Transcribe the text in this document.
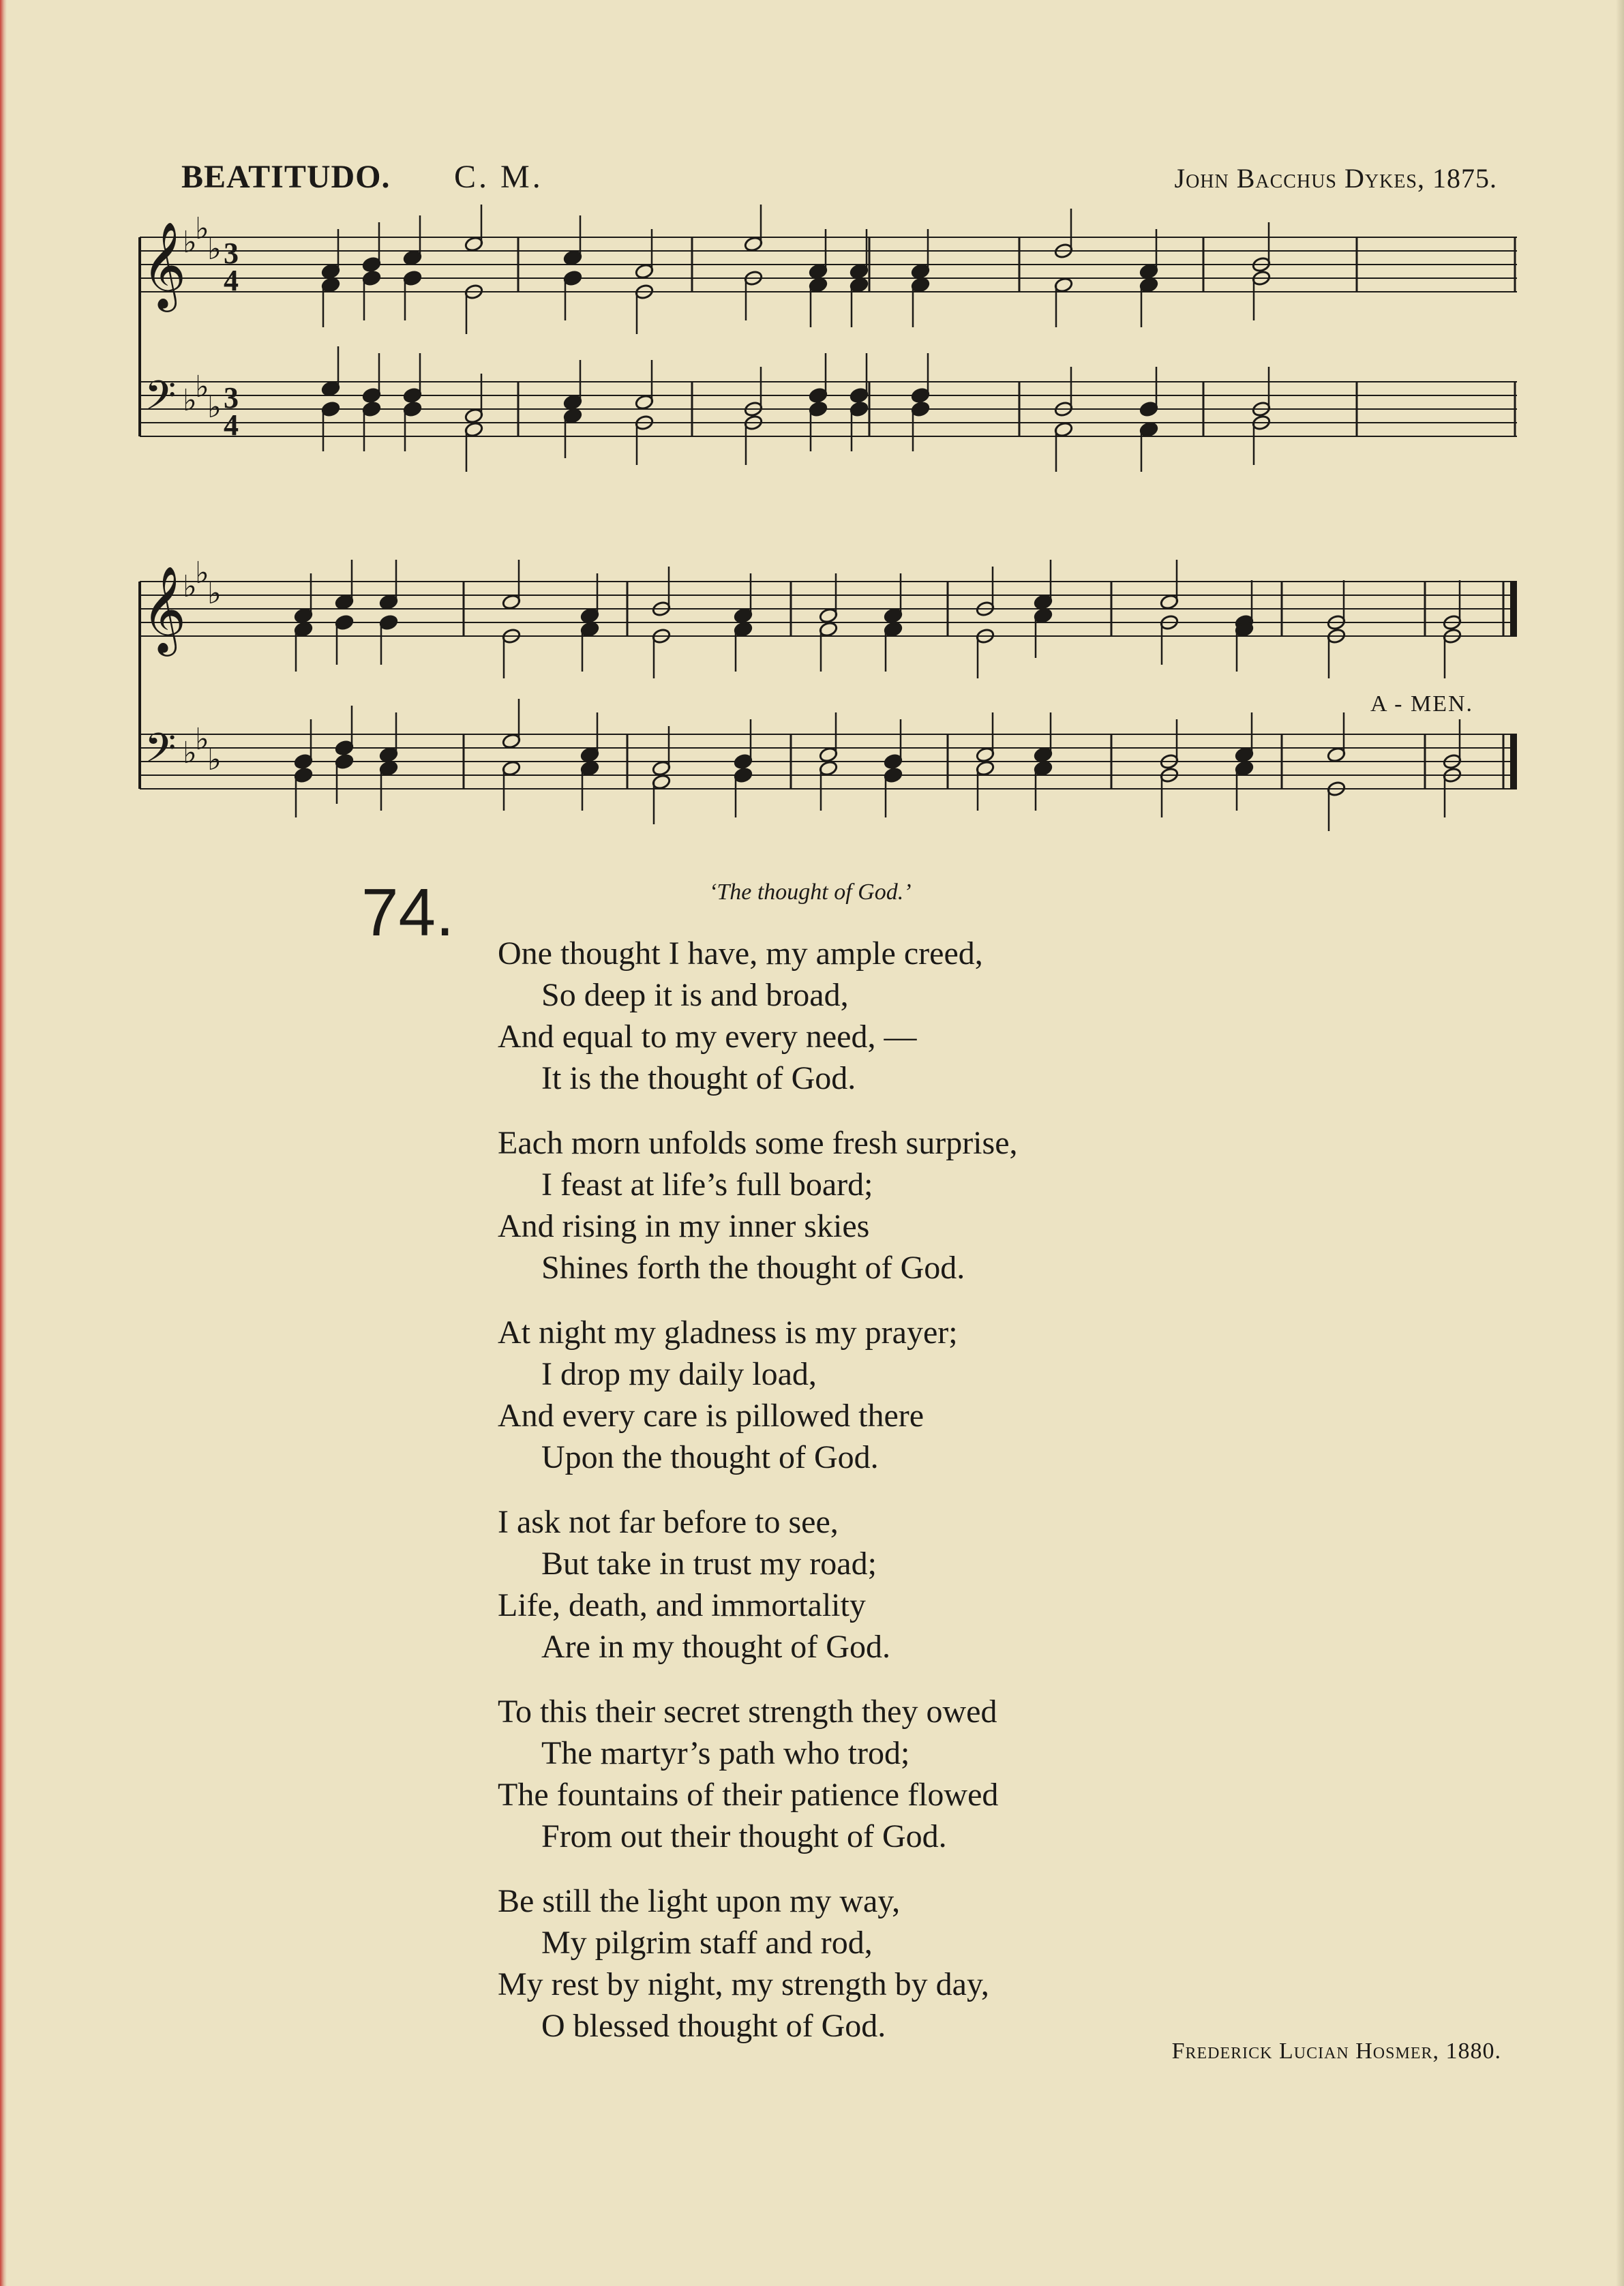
BEATITUDO. C. M.	John Bacchus Dykes, 1875.
𝄞
𝄢
♭
♭
♭
♭
♭
♭
3
4
3
4
𝄞
𝄢
♭
♭
♭
♭
♭
♭
A - MEN.
74.	‘The thought of God.’
One thought I have, my ample creed,
So deep it is and broad,
And equal to my every need, —
It is the thought of God.
Each morn unfolds some fresh surprise,
I feast at life’s full board;
And rising in my inner skies
Shines forth the thought of God.
At night my gladness is my prayer;
I drop my daily load,
And every care is pillowed there
Upon the thought of God.
I ask not far before to see,
But take in trust my road;
Life, death, and immortality
Are in my thought of God.
To this their secret strength they owed
The martyr’s path who trod;
The fountains of their patience flowed
From out their thought of God.
Be still the light upon my way,
My pilgrim staff and rod,
My rest by night, my strength by day,
O blessed thought of God.
Frederick Lucian Hosmer, 1880.
